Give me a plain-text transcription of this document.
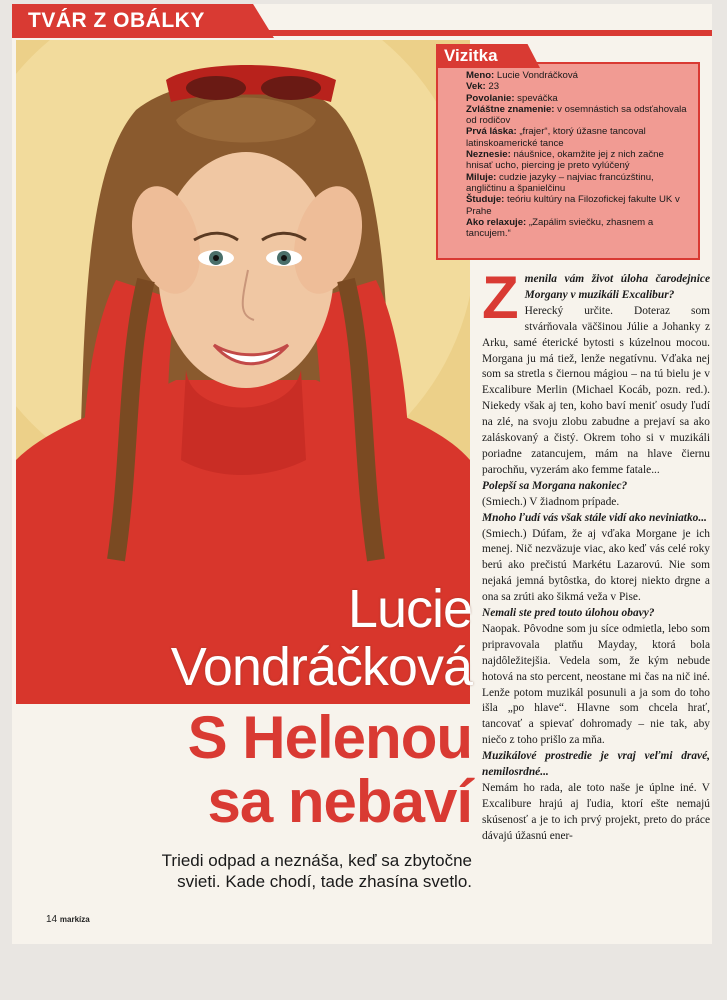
TVÁR Z OBÁLKY

Meno: Lucie Vondráčková

Vek: 23

Povolanie: speváčka

Zvláštne znamenie: v osemnástich sa odsťahovala od rodičov

Prvá láska: „frajer“, ktorý úžasne tancoval latinskoamerické tance

Neznesie: náušnice, okamžite jej z nich začne hnisať ucho, piercing je preto vylúčený

Miluje: cudzie jazyky – najviac francúzštinu, angličtinu a španielčinu

Študuje: teóriu kultúry na Filozofickej fakulte UK v Prahe

Ako relaxuje: „Zapálim sviečku, zhasnem a tancujem.“

Vizitka

Zmenila vám život úloha čarodejnice Morgany v muzikáli Excalibur?

Herecký určite. Doteraz som stvárňovala väčšinou Júlie a Johanky z Arku, samé éterické bytosti s kúzelnou mocou. Morgana ju má tiež, lenže negatívnu. Vďaka nej som sa stretla s čiernou mágiou – na tú bielu je v Excalibure Merlin (Michael Kocáb, pozn. red.). Niekedy však aj ten, koho baví meniť osudy ľudí na zlé, na svoju zlobu zabudne a prejaví sa ako zaláskovaný a čistý. Okrem toho si v muzikáli poriadne zatancujem, mám na hlave čiernu parochňu, vyzerám ako femme fatale...

Polepší sa Morgana nakoniec?

(Smiech.) V žiadnom prípade.

Mnoho ľudí vás však stále vidí ako neviniatko...

(Smiech.) Dúfam, že aj vďaka Morgane je ich menej. Nič nezväzuje viac, ako keď vás celé roky berú ako prečistú Markétu Lazarovú. Nie som nejaká jemná bytôstka, do ktorej niekto drgne a ona sa zrúti ako šikmá veža v Pise.

Nemali ste pred touto úlohou obavy?

Naopak. Pôvodne som ju síce odmietla, lebo som pripravovala platňu Mayday, ktorá bola najdôležitejšia. Vedela som, že kým nebude hotová na sto percent, neostane mi čas na nič iné. Lenže potom muzikál posunuli a ja som do toho išla „po hlave“. Hlavne som chcela hrať, tancovať a spievať dohromady – nie tak, aby niečo z toho prišlo za mňa.

Muzikálové prostredie je vraj veľmi dravé, nemilosrdné...

Nemám ho rada, ale toto naše je úplne iné. V Excalibure hrajú aj ľudia, ktorí ešte nemajú skúsenosť a je to ich prvý projekt, preto do práce dávajú úžasnú ener-

Lucie
Vondráčková
S Helenou
sa nebaví
Triedi odpad a neznáša, keď sa zbytočne
svieti. Kade chodí, tade zhasína svetlo.
14 markíza
